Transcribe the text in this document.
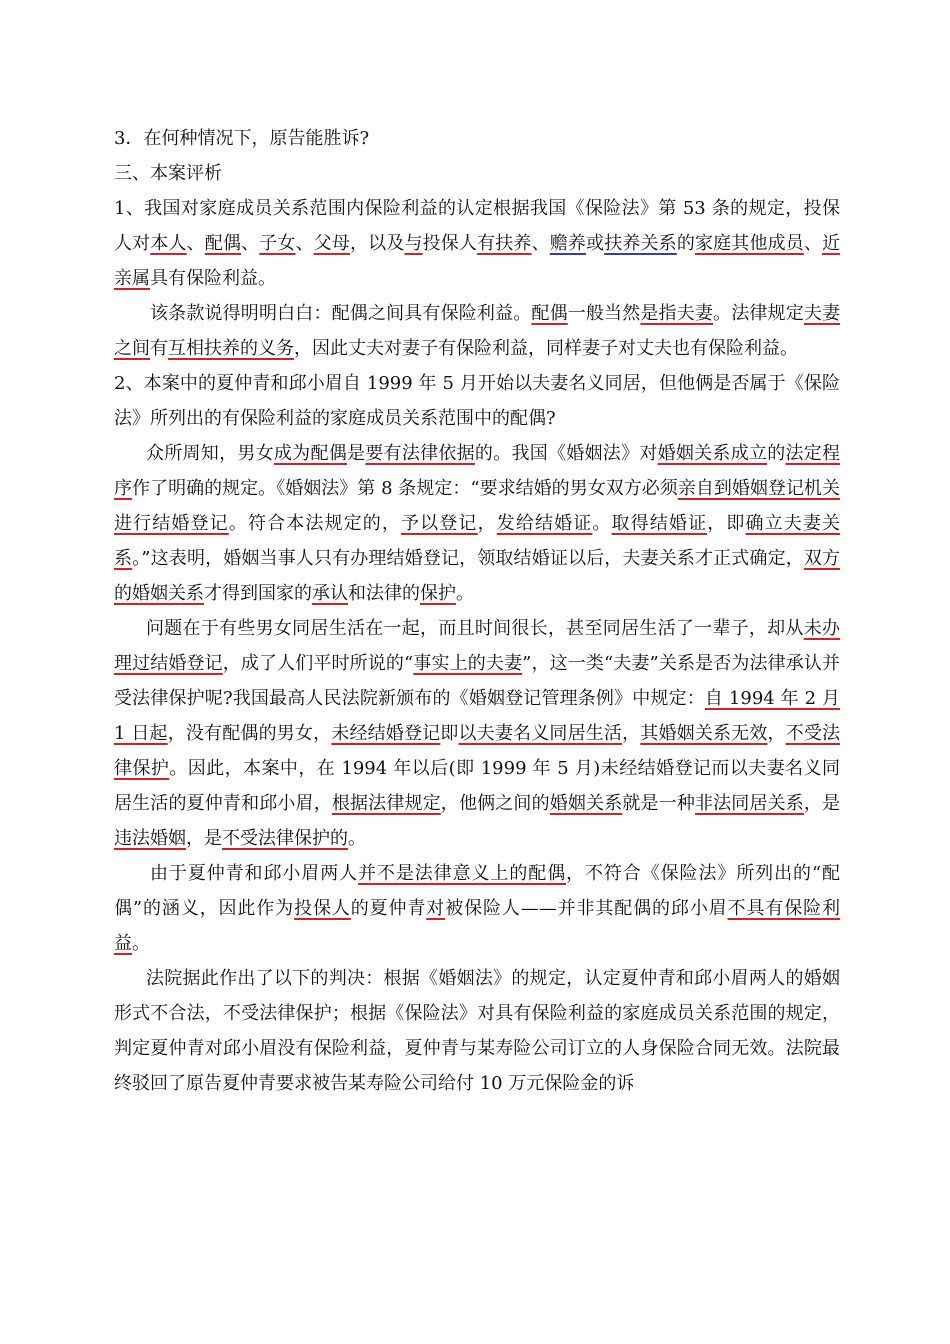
3．在何种情况下，原告能胜诉?

三、本案评析

1、我国对家庭成员关系范围内保险利益的认定根据我国《保险法》第 53 条的规定，投保人对本人、配偶、子女、父母，以及与投保人有扶养、赡养或扶养关系的家庭其他成员、近亲属具有保险利益。

该条款说得明明白白：配偶之间具有保险利益。配偶一般当然是指夫妻。法律规定夫妻之间有互相扶养的义务，因此丈夫对妻子有保险利益，同样妻子对丈夫也有保险利益。

2、本案中的夏仲青和邱小眉自 1999 年 5 月开始以夫妻名义同居，但他俩是否属于《保险法》所列出的有保险利益的家庭成员关系范围中的配偶?

众所周知，男女成为配偶是要有法律依据的。我国《婚姻法》对婚姻关系成立的法定程序作了明确的规定。《婚姻法》第 8 条规定：“要求结婚的男女双方必须亲自到婚姻登记机关进行结婚登记。符合本法规定的，予以登记，发给结婚证。取得结婚证，即确立夫妻关系。”这表明，婚姻当事人只有办理结婚登记，领取结婚证以后，夫妻关系才正式确定，双方的婚姻关系才得到国家的承认和法律的保护。

问题在于有些男女同居生活在一起，而且时间很长，甚至同居生活了一辈子，却从未办理过结婚登记，成了人们平时所说的“事实上的夫妻”，这一类“夫妻”关系是否为法律承认并受法律保护呢?我国最高人民法院新颁布的《婚姻登记管理条例》中规定：自 1994 年 2 月 1 日起，没有配偶的男女，未经结婚登记即以夫妻名义同居生活，其婚姻关系无效，不受法律保护。因此，本案中，在 1994 年以后(即 1999 年 5 月)未经结婚登记而以夫妻名义同居生活的夏仲青和邱小眉，根据法律规定，他俩之间的婚姻关系就是一种非法同居关系，是违法婚姻，是不受法律保护的。

由于夏仲青和邱小眉两人并不是法律意义上的配偶，不符合《保险法》所列出的“配偶”的涵义，因此作为投保人的夏仲青对被保险人——并非其配偶的邱小眉不具有保险利益。

法院据此作出了以下的判决：根据《婚姻法》的规定，认定夏仲青和邱小眉两人的婚姻形式不合法，不受法律保护；根据《保险法》对具有保险利益的家庭成员关系范围的规定，判定夏仲青对邱小眉没有保险利益，夏仲青与某寿险公司订立的人身保险合同无效。法院最终驳回了原告夏仲青要求被告某寿险公司给付 10 万元保险金的诉
